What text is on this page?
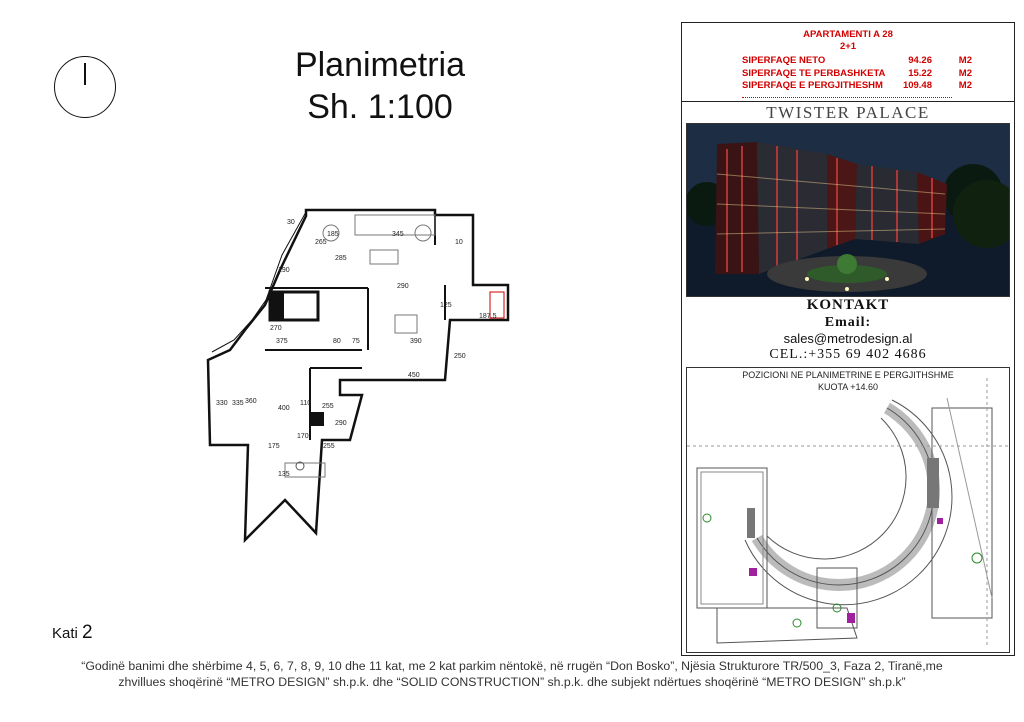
Planimetria
Sh. 1:100
185	345
290
190
270
375	80 75	390
450
330 335 360
400	255
170
175	255
135
125
187.5
250
110
290
30
265
285
10
Kati 2
APARTAMENTI A 28
2+1
SIPERFAQE NETO	94.26	M2
SIPERFAQE TE PERBASHKETA 15.22	M2
SIPERFAQE E PERGJITHESHM 109.48	M2
TWISTER PALACE
KONTAKT
Email:
sales@metrodesign.al
CEL.:+355 69 402 4686
POZICIONI NE PLANIMETRINE E PERGJITHSHME
KUOTA +14.60
“Godinë banimi dhe shërbime 4, 5, 6, 7, 8, 9, 10 dhe 11 kat, me 2 kat parkim nëntokë, në rrugën “Don Bosko”, Njësia Strukturore TR/500_3, Faza 2, Tiranë,me
zhvillues shoqërinë “METRO DESIGN” sh.p.k. dhe “SOLID CONSTRUCTION” sh.p.k. dhe subjekt ndërtues shoqërinë “METRO DESIGN” sh.p.k”
